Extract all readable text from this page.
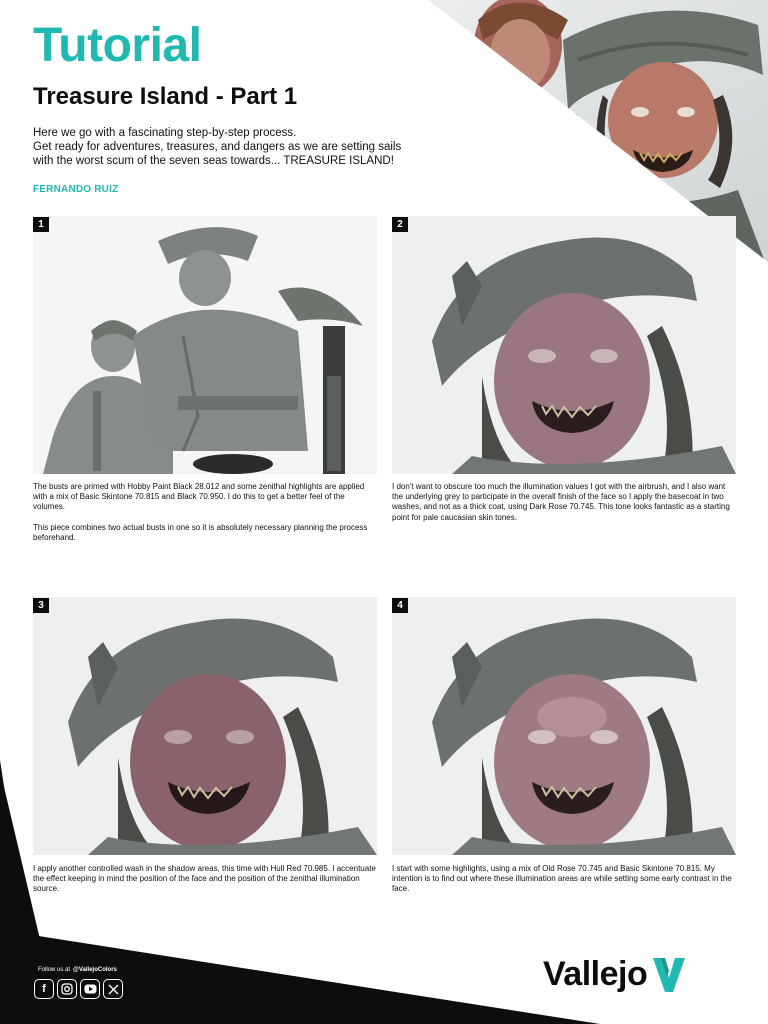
Tutorial
Treasure Island - Part 1

Here we go with a fascinating step-by-step process.

Get ready for adventures, treasures, and dangers as we are setting sails

with the worst scum of the seven seas towards... TREASURE ISLAND!

FERNANDO RUIZ
1

The busts are primed with Hobby Paint Black 28.012 and some zenithal highlights are applied with a mix of Basic Skintone 70.815 and Black 70.950. I do this to get a better feel of the volumes.

This piece combines two actual busts in one so it is absolutely necessary planning the process beforehand.

2

I don't want to obscure too much the illumination values I got with the airbrush, and I also want the underlying grey to participate in the overall finish of the face so I apply the basecoat in two washes, and not as a thick coat, using Dark Rose 70.745. This tone looks fantastic as a starting point for pale caucasian skin tones.

3

I apply another controlled wash in the shadow areas, this time with Hull Red 70.985. I accentuate the effect keeping in mind the position of the face and the position of the zenithal illumination source.

4

I start with some highlights, using a mix of Old Rose 70.745 and Basic Skintone 70.815. My intention is to find out where these illumination areas are while setting some early contrast in the face.

Follow us at @VallejoColors
f	Vallejo
